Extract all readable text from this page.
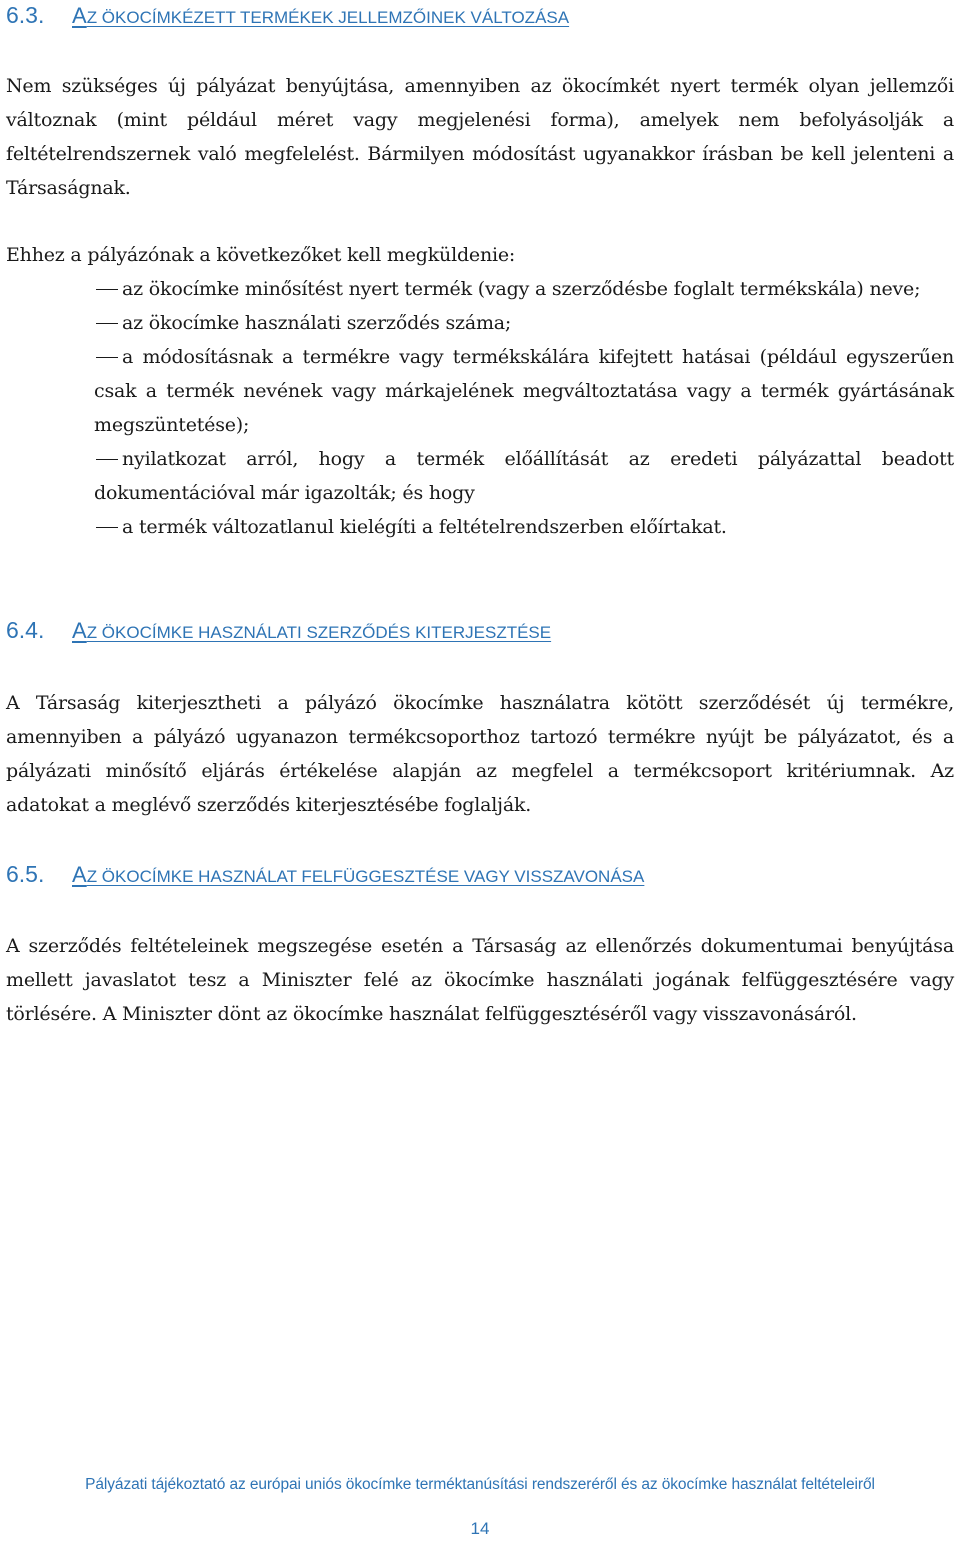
6.3. AZ ÖKOCÍMKÉZETT TERMÉKEK JELLEMZŐINEK VÁLTOZÁSA

Nem szükséges új pályázat benyújtása, amennyiben az ökocímkét nyert termék olyan jellemzői változnak (mint például méret vagy megjelenési forma), amelyek nem befolyásolják a feltételrendszernek való megfelelést. Bármilyen módosítást ugyanakkor írásban be kell jelenteni a Társaságnak.

Ehhez a pályázónak a következőket kell megküldenie:

az ökocímke minősítést nyert termék (vagy a szerződésbe foglalt termékskála) neve;
az ökocímke használati szerződés száma;
a módosításnak a termékre vagy termékskálára kifejtett hatásai (például egyszerűen csak a termék nevének vagy márkajelének megváltoztatása vagy a termék gyártásának megszüntetése);
nyilatkozat arról, hogy a termék előállítását az eredeti pályázattal beadott dokumentációval már igazolták; és hogy
a termék változatlanul kielégíti a feltételrendszerben előírtakat.
6.4. AZ ÖKOCÍMKE HASZNÁLATI SZERZŐDÉS KITERJESZTÉSE

A Társaság kiterjesztheti a pályázó ökocímke használatra kötött szerződését új termékre, amennyiben a pályázó ugyanazon termékcsoporthoz tartozó termékre nyújt be pályázatot, és a pályázati minősítő eljárás értékelése alapján az megfelel a termékcsoport kritériumnak. Az adatokat a meglévő szerződés kiterjesztésébe foglalják.

6.5. AZ ÖKOCÍMKE HASZNÁLAT FELFÜGGESZTÉSE VAGY VISSZAVONÁSA

A szerződés feltételeinek megszegése esetén a Társaság az ellenőrzés dokumentumai benyújtása mellett javaslatot tesz a Miniszter felé az ökocímke használati jogának felfüggesztésére vagy törlésére. A Miniszter dönt az ökocímke használat felfüggesztéséről vagy visszavonásáról.

Pályázati tájékoztató az európai uniós ökocímke terméktanúsítási rendszeréről és az ökocímke használat feltételeiről
14
